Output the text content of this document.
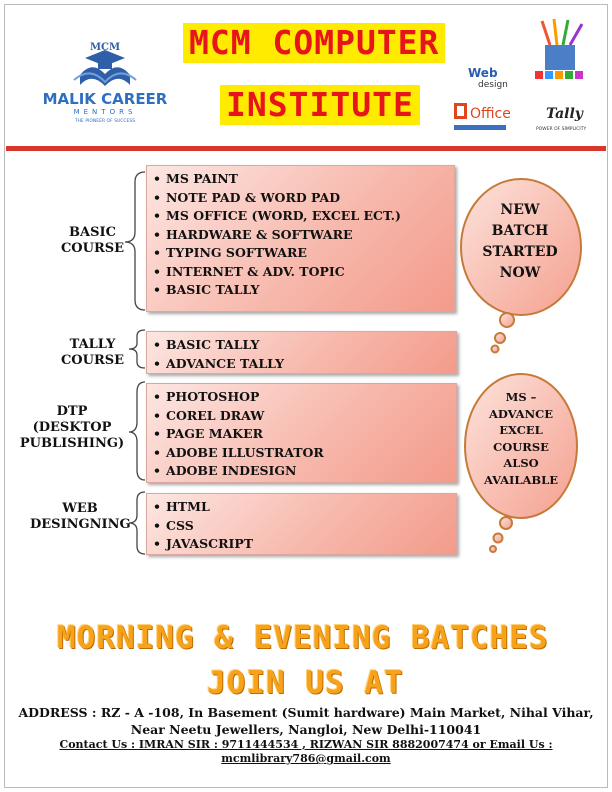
MCM
MALIK CAREER
MENTORS
THE PIONEER OF SUCCESS
MCM COMPUTER
INSTITUTE
Web
design
Office	Tally
POWER OF SIMPLICITY
BASIC
COURSE
TALLY
COURSE
DTP
(DESKTOP
PUBLISHING)
WEB
DESINGNING
• MS PAINT
• NOTE PAD & WORD PAD
• MS OFFICE (WORD, EXCEL ECT.)
• HARDWARE & SOFTWARE
• TYPING SOFTWARE
• INTERNET & ADV. TOPIC
• BASIC TALLY
• BASIC TALLY
• ADVANCE TALLY
• PHOTOSHOP
• COREL DRAW
• PAGE MAKER
• ADOBE ILLUSTRATOR
• ADOBE INDESIGN
• HTML
• CSS
• JAVASCRIPT
NEW
BATCH
STARTED
NOW
MS –
ADVANCE
EXCEL
COURSE
ALSO
AVAILABLE
MORNING & EVENING BATCHES
JOIN US AT
ADDRESS : RZ - A -108, In Basement (Sumit hardware) Main Market, Nihal Vihar,
Near Neetu Jewellers, Nangloi, New Delhi-110041
Contact Us : IMRAN SIR : 9711444534 , RIZWAN SIR 8882007474 or Email Us :
mcmlibrary786@gmail.com
